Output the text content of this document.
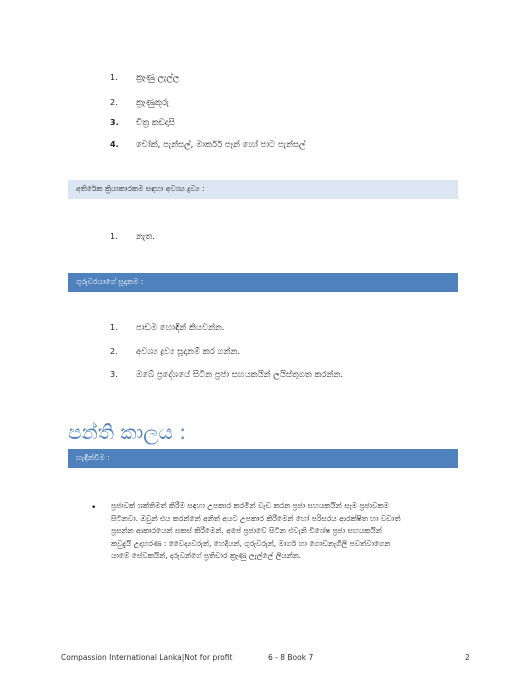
1.	ක්‍රෑණු ලැල්ල
2.	ක්‍රෑණුකූරු
3.	චිත්‍ර කඩදාසි
4.	චෝක්, පැන්සල්, මාර්කර් පෑන් හෝ පාට පැන්සල්
අතිරේක ක්‍රියාකාරකම සඳහා අවශ්‍ය ද්‍රව්‍ය :
1.	නැත.
ගුරුවරයාගේ සූදානම :
1.	පාඩම හොඳින් කියවන්න.
2.	අවශ්‍ය ද්‍රව්‍ය සූදානම් කර ගන්න.
3.	ඔබේ ප්‍රදේශයේ සිටින ප්‍රජා සහයකයින් ලයිස්තුගත කරන්න.
පන්ති කාලය :
හැඳින්වීම :
• ප්‍රජාවක් ශක්තිමත් කිරීම සඳහා උපකාර කරමින් වැඩ කරන ප්‍රජා සහයකයින් සෑම ප්‍රජාවකම
සිටිනවා. ඔවුන් එය කරන්නේ අනිත් අයට උපකාර කිරීමෙන් හෝ පරිසරය ආරක්ෂිත හා වඩාත්
ප්‍රසන්න ආකාරයෙන් සකස් කිරීමෙන්. අපේ ප්‍රජාවේ සිටින එවැනි විශේෂ ප්‍රජා සහයකයින්
කවුදැයි උදාහරණ : වෛද්‍යවරුන්, හෙදියන්, ගුරුවරුන්, මාර්ග හා ගොඩනැගිලි පවත්වාගෙන
යාමේ සේවකයින්, දරුවන්ගේ ප්‍රතිචාර ක්‍රෑණු ලැල්ලේ ලියන්න.
Compassion International Lanka|Not for profit	6 - 8 Book 7	2
